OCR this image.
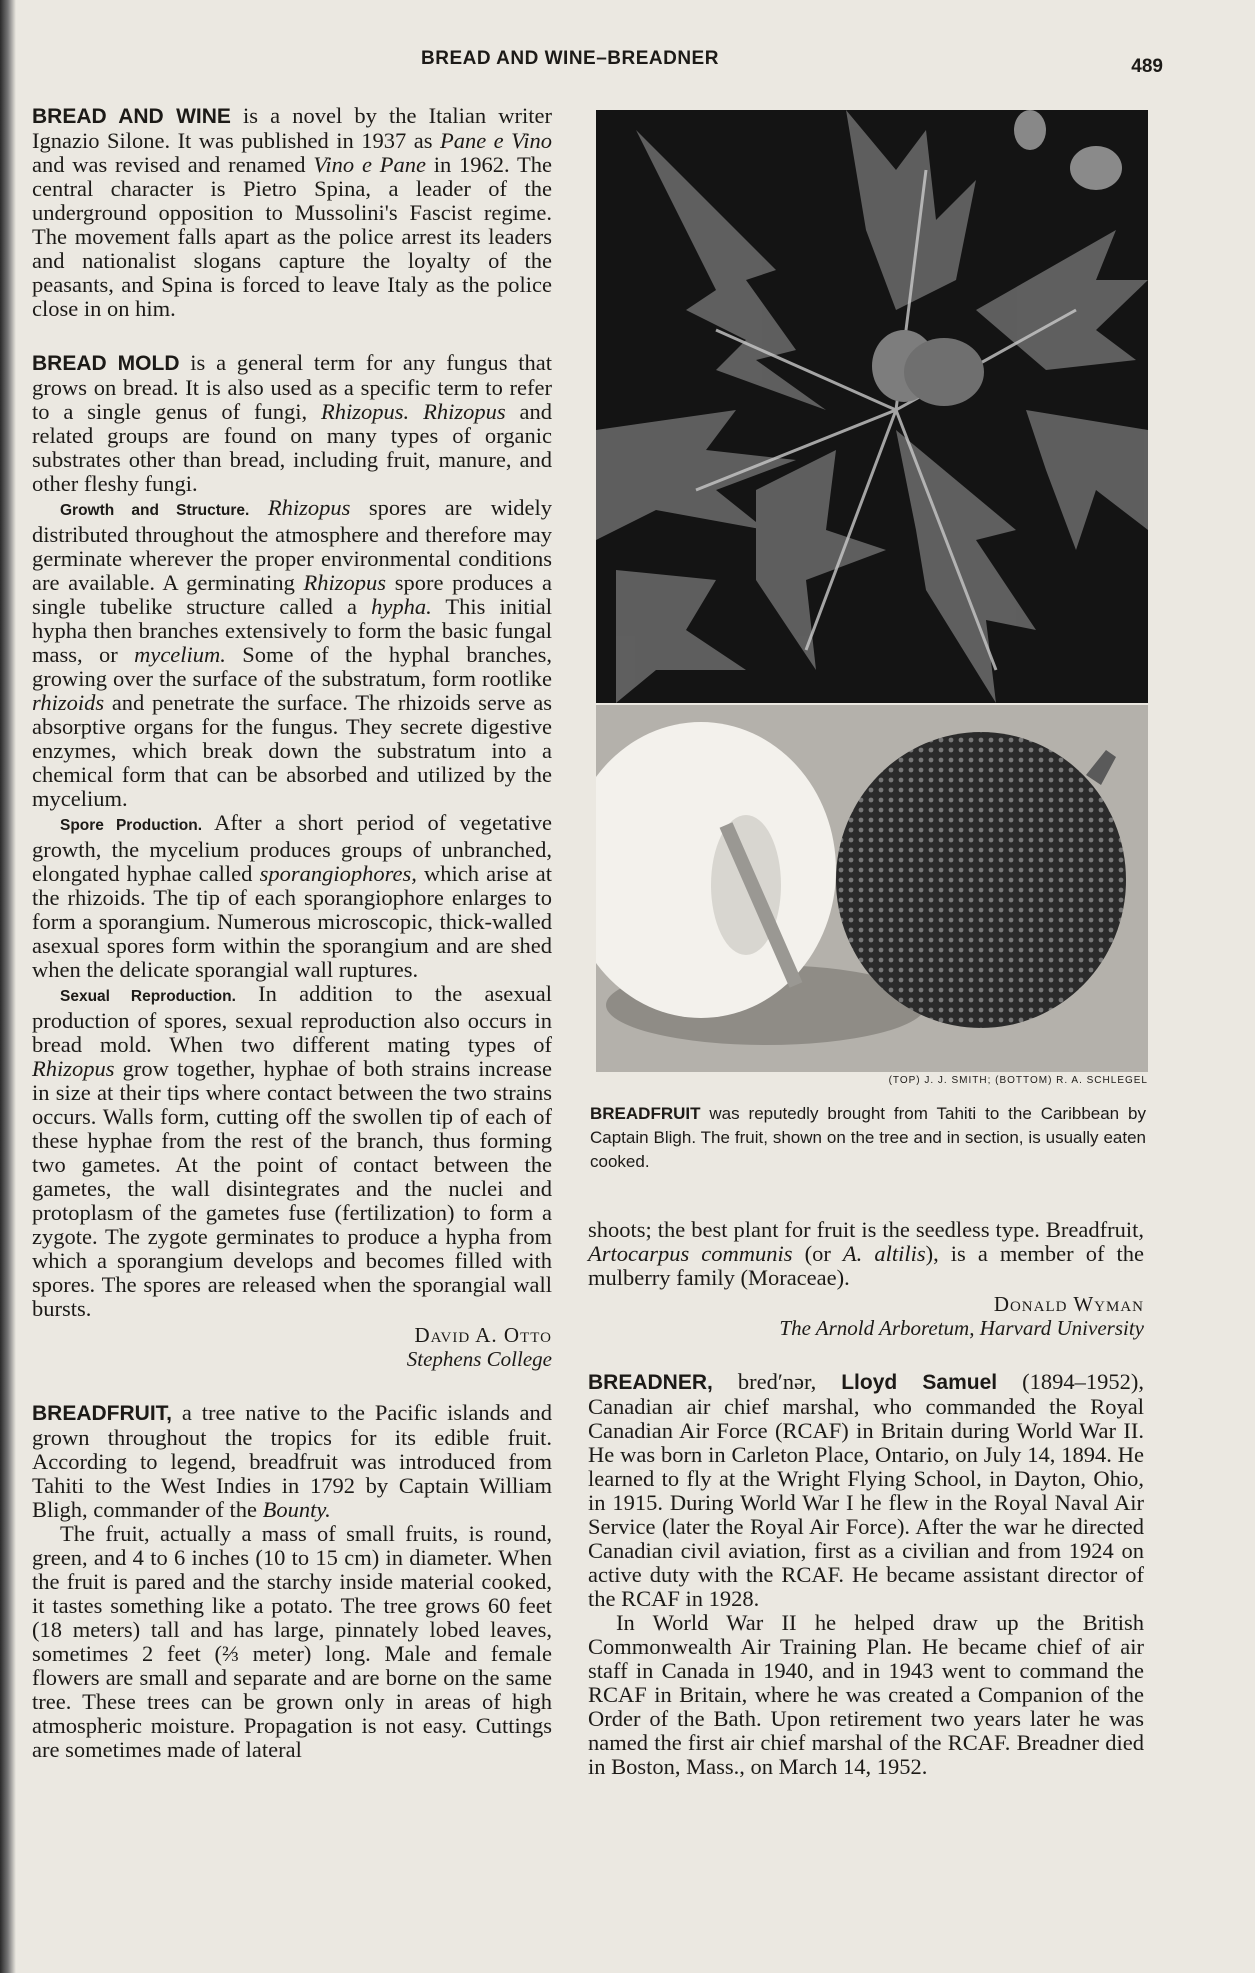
BREAD AND WINE–BREADNER	489

BREAD AND WINE is a novel by the Italian writer Ignazio Silone. It was published in 1937 as Pane e Vino and was revised and renamed Vino e Pane in 1962. The central character is Pietro Spina, a leader of the underground opposition to Mussolini's Fascist regime. The movement falls apart as the police arrest its leaders and nationalist slogans capture the loyalty of the peasants, and Spina is forced to leave Italy as the police close in on him.

BREAD MOLD is a general term for any fungus that grows on bread. It is also used as a specific term to refer to a single genus of fungi, Rhizopus. Rhizopus and related groups are found on many types of organic substrates other than bread, including fruit, manure, and other fleshy fungi.

Growth and Structure. Rhizopus spores are widely distributed throughout the atmosphere and therefore may germinate wherever the proper environmental conditions are available. A germinating Rhizopus spore produces a single tubelike structure called a hypha. This initial hypha then branches extensively to form the basic fungal mass, or mycelium. Some of the hyphal branches, growing over the surface of the substratum, form rootlike rhizoids and penetrate the surface. The rhizoids serve as absorptive organs for the fungus. They secrete digestive enzymes, which break down the substratum into a chemical form that can be absorbed and utilized by the mycelium.

Spore Production. After a short period of vegetative growth, the mycelium produces groups of unbranched, elongated hyphae called sporangiophores, which arise at the rhizoids. The tip of each sporangiophore enlarges to form a sporangium. Numerous microscopic, thick-walled asexual spores form within the sporangium and are shed when the delicate sporangial wall ruptures.

Sexual Reproduction. In addition to the asexual production of spores, sexual reproduction also occurs in bread mold. When two different mating types of Rhizopus grow together, hyphae of both strains increase in size at their tips where contact between the two strains occurs. Walls form, cutting off the swollen tip of each of these hyphae from the rest of the branch, thus forming two gametes. At the point of contact between the gametes, the wall disintegrates and the nuclei and protoplasm of the gametes fuse (fertilization) to form a zygote. The zygote germinates to produce a hypha from which a sporangium develops and becomes filled with spores. The spores are released when the sporangial wall bursts.

David A. Otto
Stephens College

BREADFRUIT, a tree native to the Pacific islands and grown throughout the tropics for its edible fruit. According to legend, breadfruit was introduced from Tahiti to the West Indies in 1792 by Captain William Bligh, commander of the Bounty.

The fruit, actually a mass of small fruits, is round, green, and 4 to 6 inches (10 to 15 cm) in diameter. When the fruit is pared and the starchy inside material cooked, it tastes something like a potato. The tree grows 60 feet (18 meters) tall and has large, pinnately lobed leaves, sometimes 2 feet (⅔ meter) long. Male and female flowers are small and separate and are borne on the same tree. These trees can be grown only in areas of high atmospheric moisture. Propagation is not easy. Cuttings are sometimes made of lateral

(TOP) J. J. SMITH; (BOTTOM) R. A. SCHLEGEL
BREADFRUIT was reputedly brought from Tahiti to the Caribbean by Captain Bligh. The fruit, shown on the tree and in section, is usually eaten cooked.

shoots; the best plant for fruit is the seedless type. Breadfruit, Artocarpus communis (or A. altilis), is a member of the mulberry family (Moraceae).

Donald Wyman
The Arnold Arboretum, Harvard University

BREADNER, bred′nər, Lloyd Samuel (1894–1952), Canadian air chief marshal, who commanded the Royal Canadian Air Force (RCAF) in Britain during World War II. He was born in Carleton Place, Ontario, on July 14, 1894. He learned to fly at the Wright Flying School, in Dayton, Ohio, in 1915. During World War I he flew in the Royal Naval Air Service (later the Royal Air Force). After the war he directed Canadian civil aviation, first as a civilian and from 1924 on active duty with the RCAF. He became assistant director of the RCAF in 1928.

In World War II he helped draw up the British Commonwealth Air Training Plan. He became chief of air staff in Canada in 1940, and in 1943 went to command the RCAF in Britain, where he was created a Companion of the Order of the Bath. Upon retirement two years later he was named the first air chief marshal of the RCAF. Breadner died in Boston, Mass., on March 14, 1952.
